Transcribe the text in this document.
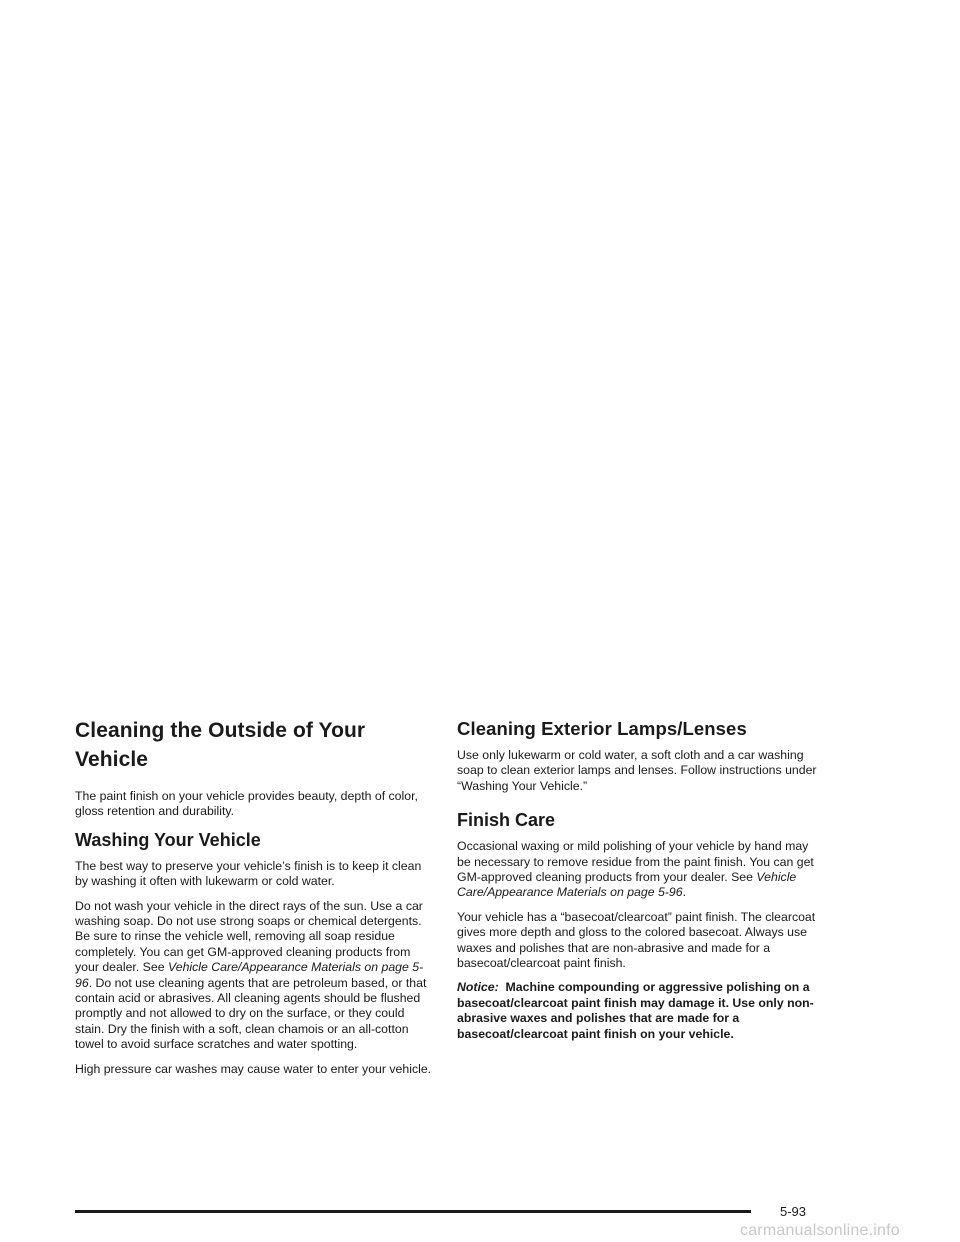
Cleaning the Outside of Your Vehicle

The paint finish on your vehicle provides beauty, depth of color, gloss retention and durability.

Washing Your Vehicle

The best way to preserve your vehicle’s finish is to keep it clean by washing it often with lukewarm or cold water.

Do not wash your vehicle in the direct rays of the sun. Use a car washing soap. Do not use strong soaps or chemical detergents. Be sure to rinse the vehicle well, removing all soap residue completely. You can get GM-approved cleaning products from your dealer. See Vehicle Care/Appearance Materials on page 5-96. Do not use cleaning agents that are petroleum based, or that contain acid or abrasives. All cleaning agents should be flushed promptly and not allowed to dry on the surface, or they could stain. Dry the finish with a soft, clean chamois or an all-cotton towel to avoid surface scratches and water spotting.

High pressure car washes may cause water to enter your vehicle.

Cleaning Exterior Lamps/Lenses

Use only lukewarm or cold water, a soft cloth and a car washing soap to clean exterior lamps and lenses. Follow instructions under “Washing Your Vehicle.”

Finish Care

Occasional waxing or mild polishing of your vehicle by hand may be necessary to remove residue from the paint finish. You can get GM-approved cleaning products from your dealer. See Vehicle Care/Appearance Materials on page 5-96.

Your vehicle has a “basecoat/clearcoat” paint finish. The clearcoat gives more depth and gloss to the colored basecoat. Always use waxes and polishes that are non-abrasive and made for a basecoat/clearcoat paint finish.

Notice: Machine compounding or aggressive polishing on a basecoat/clearcoat paint finish may damage it. Use only non-abrasive waxes and polishes that are made for a basecoat/clearcoat paint finish on your vehicle.

5-93
carmanualsonline.info
